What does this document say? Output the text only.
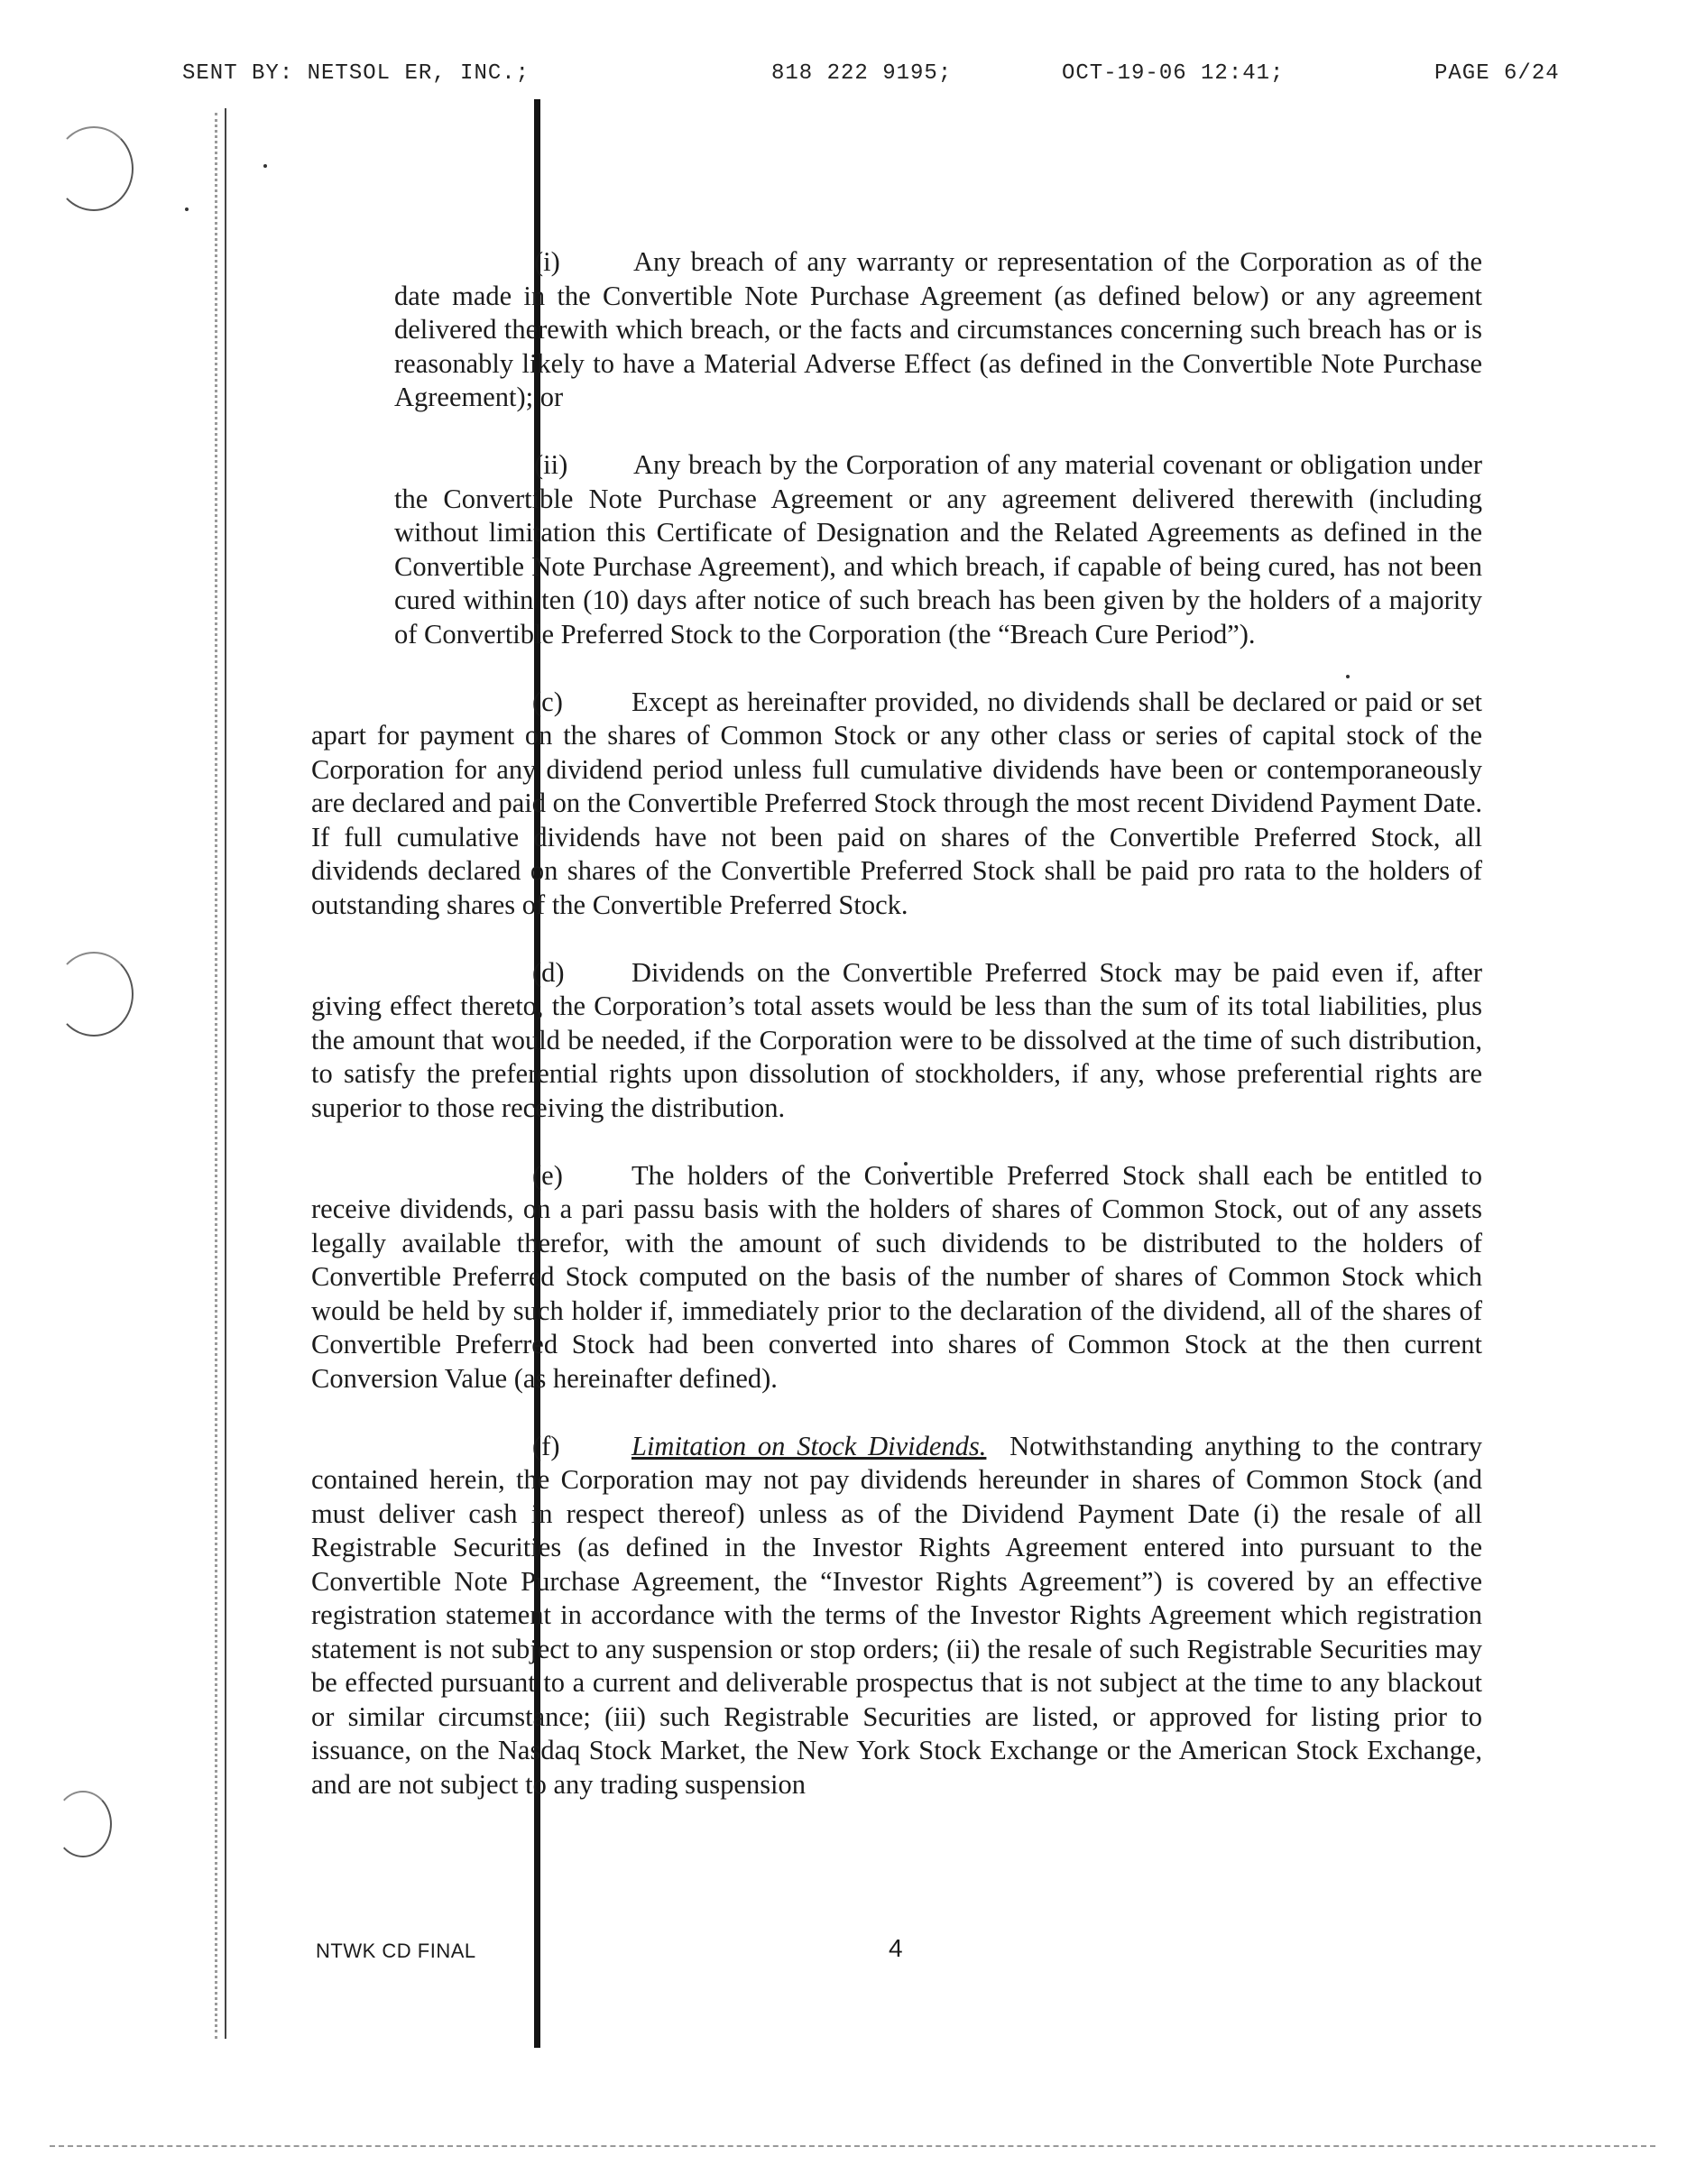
SENT BY: NETSOL ER, INC.;	818 222 9195;	OCT-19-06 12:41;	PAGE 6/24

(i)	Any breach of any warranty or representation of the Corporation as of the date made in the Convertible Note Purchase Agreement (as defined below) or any agreement delivered therewith which breach, or the facts and circumstances concerning such breach has or is reasonably likely to have a Material Adverse Effect (as defined in the Convertible Note Purchase Agreement); or

(ii) Any breach by the Corporation of any material covenant or obligation under the Convertible Note Purchase Agreement or any agreement delivered therewith (including without limitation this Certificate of Designation and the Related Agreements as defined in the Convertible Note Purchase Agreement), and which breach, if capable of being cured, has not been cured within ten (10) days after notice of such breach has been given by the holders of a majority of Convertible Preferred Stock to the Corporation (the “Breach Cure Period”).

(c) Except as hereinafter provided, no dividends shall be declared or paid or set apart for payment on the shares of Common Stock or any other class or series of capital stock of the Corporation for any dividend period unless full cumulative dividends have been or contemporaneously are declared and paid on the Convertible Preferred Stock through the most recent Dividend Payment Date. If full cumulative dividends have not been paid on shares of the Convertible Preferred Stock, all dividends declared on shares of the Convertible Preferred Stock shall be paid pro rata to the holders of outstanding shares of the Convertible Preferred Stock.

(d) Dividends on the Convertible Preferred Stock may be paid even if, after giving effect thereto, the Corporation’s total assets would be less than the sum of its total liabilities, plus the amount that would be needed, if the Corporation were to be dissolved at the time of such distribution, to satisfy the preferential rights upon dissolution of stockholders, if any, whose preferential rights are superior to those receiving the distribution.

(e) The holders of the Convertible Preferred Stock shall each be entitled to receive dividends, on a pari passu basis with the holders of shares of Common Stock, out of any assets legally available therefor, with the amount of such dividends to be distributed to the holders of Convertible Preferred Stock computed on the basis of the number of shares of Common Stock which would be held by such holder if, immediately prior to the declaration of the dividend, all of the shares of Convertible Preferred Stock had been converted into shares of Common Stock at the then current Conversion Value (as hereinafter defined).

(f)	Limitation on Stock Dividends. Notwithstanding anything to the contrary contained herein, the Corporation may not pay dividends hereunder in shares of Common Stock (and must deliver cash in respect thereof) unless as of the Dividend Payment Date (i) the resale of all Registrable Securities (as defined in the Investor Rights Agreement entered into pursuant to the Convertible Note Purchase Agreement, the “Investor Rights Agreement”) is covered by an effective registration statement in accordance with the terms of the Investor Rights Agreement which registration statement is not subject to any suspension or stop orders; (ii) the resale of such Registrable Securities may be effected pursuant to a current and deliverable prospectus that is not subject at the time to any blackout or similar circumstance; (iii) such Registrable Securities are listed, or approved for listing prior to issuance, on the Nasdaq Stock Market, the New York Stock Exchange or the American Stock Exchange, and are not subject to any trading suspension

NTWK CD FINAL	4
